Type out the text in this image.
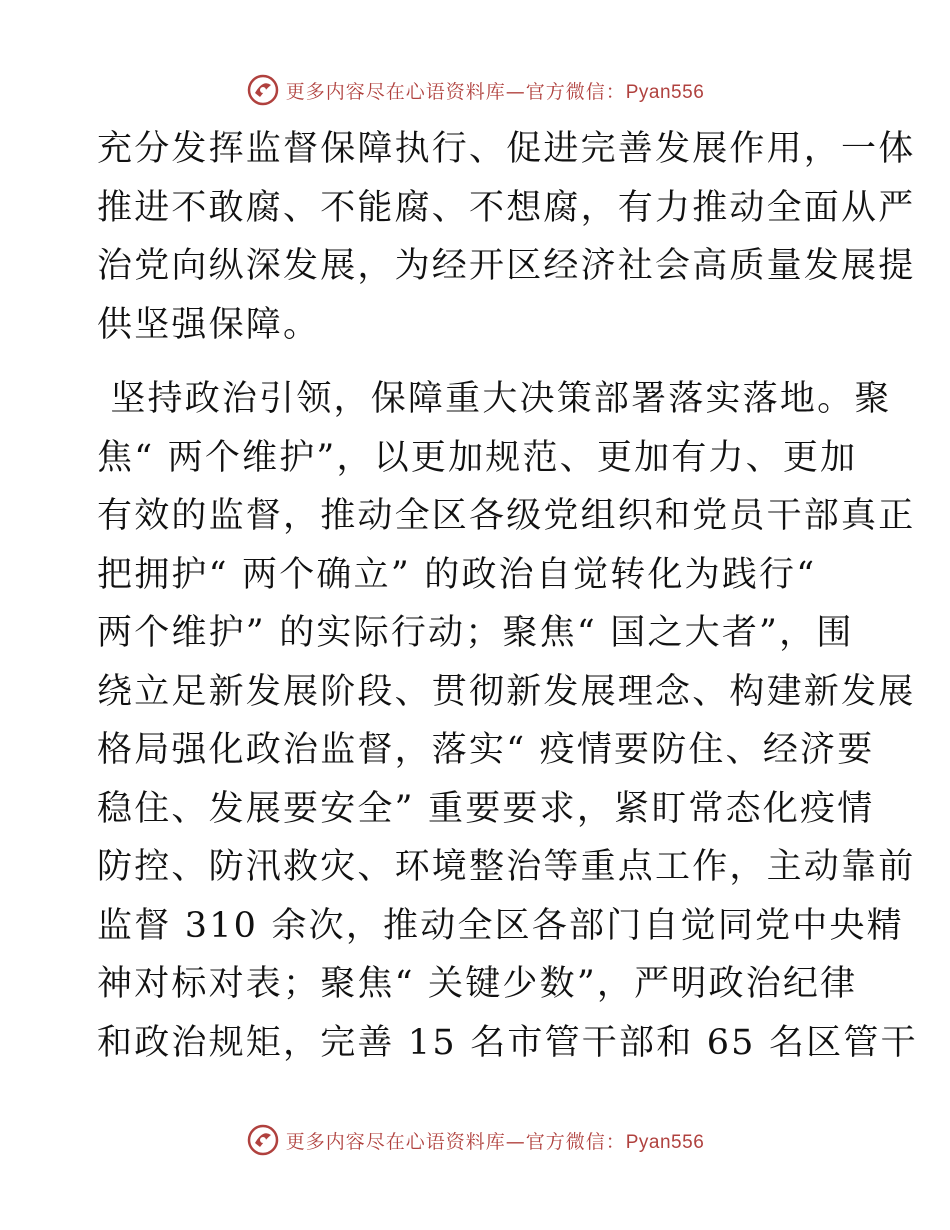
更多内容尽在心语资料库—官方微信：Pyan556
充分发挥监督保障执行、促进完善发展作用，一体
推进不敢腐、不能腐、不想腐，有力推动全面从严
治党向纵深发展，为经开区经济社会高质量发展提
供坚强保障。
坚持政治引领，保障重大决策部署落实落地。聚
焦“ 两个维护”，以更加规范、更加有力、更加
有效的监督，推动全区各级党组织和党员干部真正
把拥护“ 两个确立” 的政治自觉转化为践行“
两个维护” 的实际行动；聚焦“ 国之大者”，围
绕立足新发展阶段、贯彻新发展理念、构建新发展
格局强化政治监督，落实“ 疫情要防住、经济要
稳住、发展要安全” 重要要求，紧盯常态化疫情
防控、防汛救灾、环境整治等重点工作，主动靠前
监督 310 余次，推动全区各部门自觉同党中央精
神对标对表；聚焦“ 关键少数”，严明政治纪律
和政治规矩，完善 15 名市管干部和 65 名区管干
更多内容尽在心语资料库—官方微信：Pyan556
